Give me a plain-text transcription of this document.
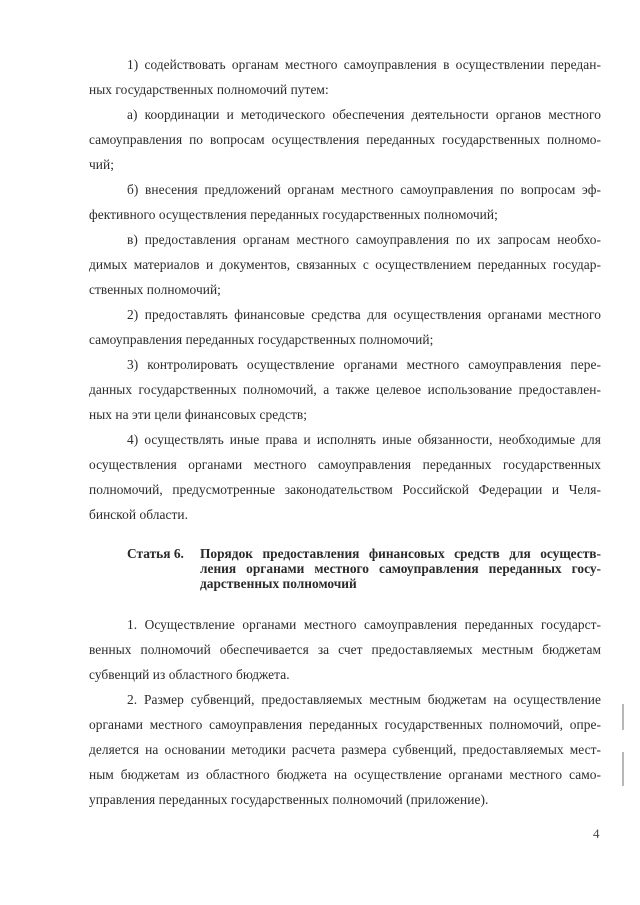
1) содействовать органам местного самоуправления в осуществлении передан-
ных государственных полномочий путем:
а) координации и методического обеспечения деятельности органов местного
самоуправления по вопросам осуществления переданных государственных полномо-
чий;
б) внесения предложений органам местного самоуправления по вопросам эф-
фективного осуществления переданных государственных полномочий;
в) предоставления органам местного самоуправления по их запросам необхо-
димых материалов и документов, связанных с осуществлением переданных государ-
ственных полномочий;
2) предоставлять финансовые средства для осуществления органами местного
самоуправления переданных государственных полномочий;
3) контролировать осуществление органами местного самоуправления пере-
данных государственных полномочий, а также целевое использование предоставлен-
ных на эти цели финансовых средств;
4) осуществлять иные права и исполнять иные обязанности, необходимые для
осуществления органами местного самоуправления переданных государственных
полномочий, предусмотренные законодательством Российской Федерации и Челя-
бинской области.
Статья 6. Порядок предоставления финансовых средств для осуществ-
ления органами местного самоуправления переданных госу-
дарственных полномочий
1. Осуществление органами местного самоуправления переданных государст-
венных полномочий обеспечивается за счет предоставляемых местным бюджетам
субвенций из областного бюджета.
2. Размер субвенций, предоставляемых местным бюджетам на осуществление
органами местного самоуправления переданных государственных полномочий, опре-
деляется на основании методики расчета размера субвенций, предоставляемых мест-
ным бюджетам из областного бюджета на осуществление органами местного само-
управления переданных государственных полномочий (приложение).
4
